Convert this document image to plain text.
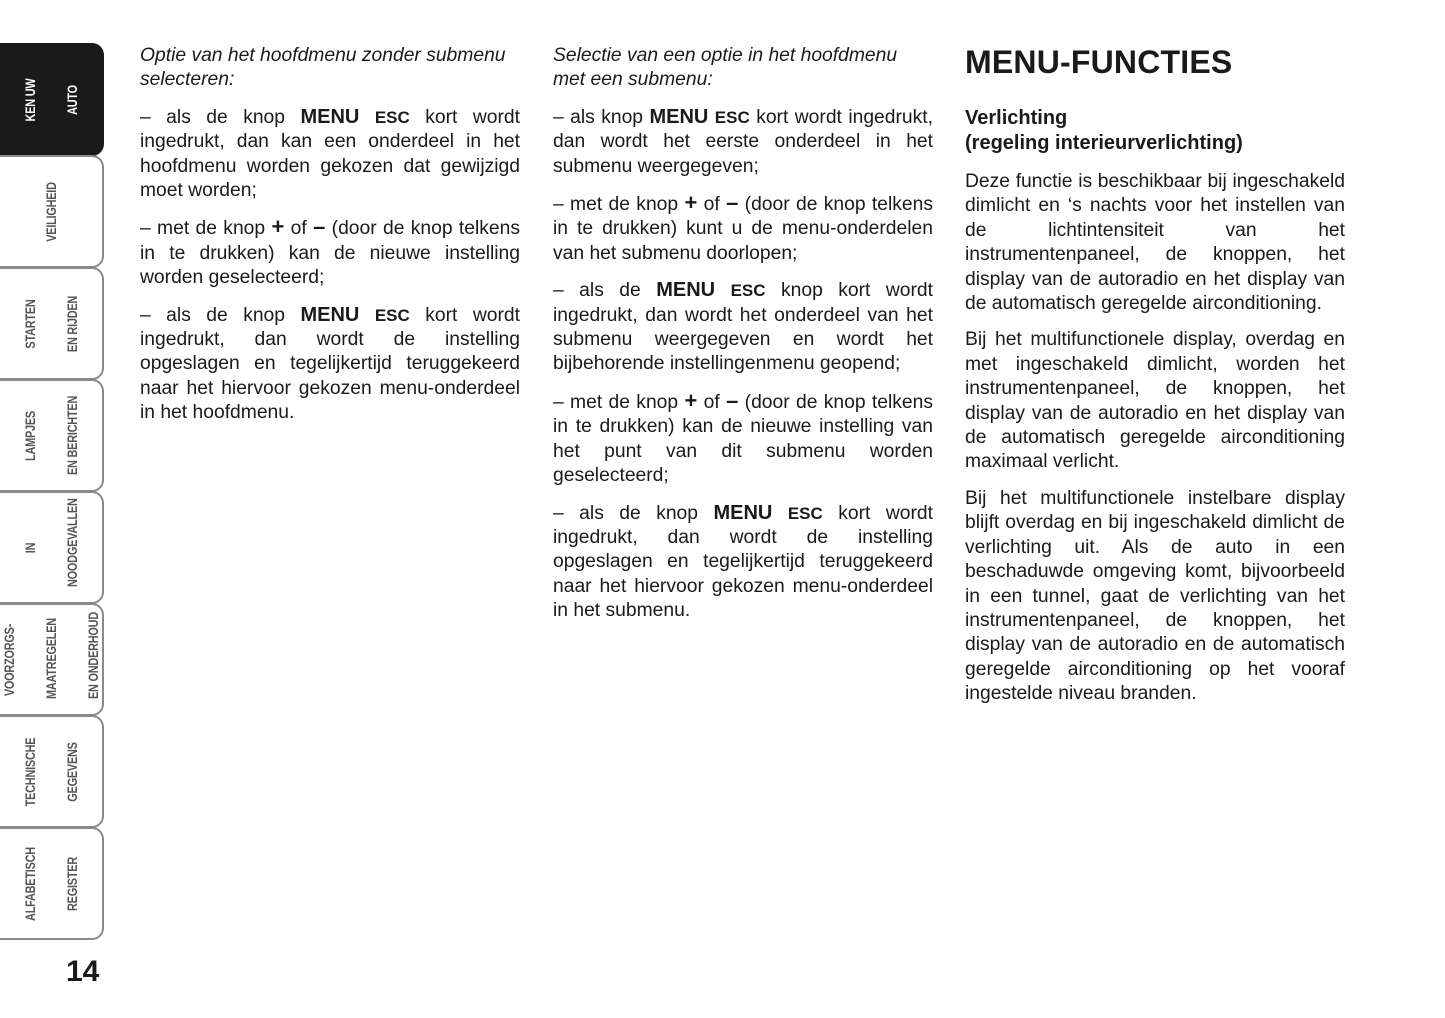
KEN UW

AUTO

VEILIGHEID

STARTEN

EN RIJDEN

LAMPJES

EN BERICHTEN

IN

NOODGEVALLEN

VOORZORGS-

MAATREGELEN

EN ONDERHOUD

TECHNISCHE

GEGEVENS

ALFABETISCH

REGISTER

14

Optie van het hoofdmenu zonder submenu selecteren:

– als de knop MENU ESC kort wordt ingedrukt, dan kan een onderdeel in het hoofdmenu worden gekozen dat gewijzigd moet worden;

– met de knop + of – (door de knop telkens in te drukken) kan de nieuwe instelling worden geselecteerd;

– als de knop MENU ESC kort wordt ingedrukt, dan wordt de instelling opgeslagen en tegelijkertijd teruggekeerd naar het hiervoor gekozen menu-onderdeel in het hoofdmenu.

Selectie van een optie in het hoofdmenu met een submenu:

– als knop MENU ESC kort wordt ingedrukt, dan wordt het eerste onderdeel in het submenu weergegeven;

– met de knop + of – (door de knop telkens in te drukken) kunt u de menu-onderdelen van het submenu doorlopen;

– als de MENU ESC knop kort wordt ingedrukt, dan wordt het onderdeel van het submenu weergegeven en wordt het bijbehorende instellingenmenu geopend;

– met de knop + of – (door de knop telkens in te drukken) kan de nieuwe instelling van het punt van dit submenu worden geselecteerd;

– als de knop MENU ESC kort wordt ingedrukt, dan wordt de instelling opgeslagen en tegelijkertijd teruggekeerd naar het hiervoor gekozen menu-onderdeel in het submenu.

MENU-FUNCTIES
Verlichting
(regeling interieurverlichting)

Deze functie is beschikbaar bij ingeschakeld dimlicht en ‘s nachts voor het instellen van de lichtintensiteit van het instrumentenpaneel, de knoppen, het display van de autoradio en het display van de automatisch geregelde airconditioning.

Bij het multifunctionele display, overdag en met ingeschakeld dimlicht, worden het instrumentenpaneel, de knoppen, het display van de autoradio en het display van de automatisch geregelde airconditioning maximaal verlicht.

Bij het multifunctionele instelbare display blijft overdag en bij ingeschakeld dimlicht de verlichting uit. Als de auto in een beschaduwde omgeving komt, bijvoorbeeld in een tunnel, gaat de verlichting van het instrumentenpaneel, de knoppen, het display van de autoradio en de automatisch geregelde airconditioning op het vooraf ingestelde niveau branden.
